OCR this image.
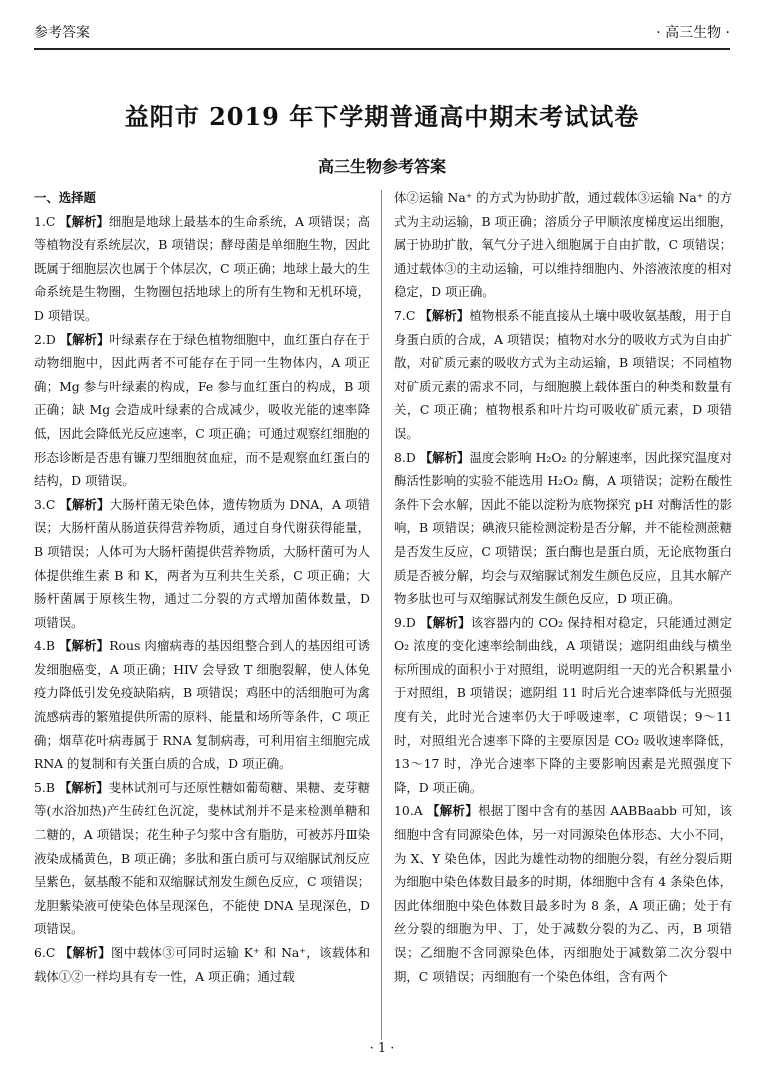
参考答案	· 高三生物 ·
益阳市 2019 年下学期普通高中期末考试试卷
高三生物参考答案
一、选择题

1.C 【解析】细胞是地球上最基本的生命系统，A 项错误；高等植物没有系统层次，B 项错误；酵母菌是单细胞生物，因此既属于细胞层次也属于个体层次，C 项正确；地球上最大的生命系统是生物圈，生物圈包括地球上的所有生物和无机环境，D 项错误。

2.D 【解析】叶绿素存在于绿色植物细胞中，血红蛋白存在于动物细胞中，因此两者不可能存在于同一生物体内，A 项正确；Mg 参与叶绿素的构成，Fe 参与血红蛋白的构成，B 项正确；缺 Mg 会造成叶绿素的合成减少，吸收光能的速率降低，因此会降低光反应速率，C 项正确；可通过观察红细胞的形态诊断是否患有镰刀型细胞贫血症，而不是观察血红蛋白的结构，D 项错误。

3.C 【解析】大肠杆菌无染色体，遗传物质为 DNA，A 项错误；大肠杆菌从肠道获得营养物质，通过自身代谢获得能量，B 项错误；人体可为大肠杆菌提供营养物质，大肠杆菌可为人体提供维生素 B 和 K，两者为互利共生关系，C 项正确；大肠杆菌属于原核生物，通过二分裂的方式增加菌体数量，D 项错误。

4.B 【解析】Rous 肉瘤病毒的基因组整合到人的基因组可诱发细胞癌变，A 项正确；HIV 会导致 T 细胞裂解，使人体免疫力降低引发免疫缺陷病，B 项错误；鸡胚中的活细胞可为禽流感病毒的繁殖提供所需的原料、能量和场所等条件，C 项正确；烟草花叶病毒属于 RNA 复制病毒，可利用宿主细胞完成 RNA 的复制和有关蛋白质的合成，D 项正确。

5.B 【解析】斐林试剂可与还原性糖如葡萄糖、果糖、麦芽糖等(水浴加热)产生砖红色沉淀，斐林试剂并不是来检测单糖和二糖的，A 项错误；花生种子匀浆中含有脂肪，可被苏丹Ⅲ染液染成橘黄色，B 项正确；多肽和蛋白质可与双缩脲试剂反应呈紫色，氨基酸不能和双缩脲试剂发生颜色反应，C 项错误；龙胆紫染液可使染色体呈现深色，不能使 DNA 呈现深色，D 项错误。

6.C 【解析】图中载体③可同时运输 K⁺ 和 Na⁺，该载体和载体①②一样均具有专一性，A 项正确；通过载

体②运输 Na⁺ 的方式为协助扩散，通过载体③运输 Na⁺ 的方式为主动运输，B 项正确；溶质分子甲顺浓度梯度运出细胞，属于协助扩散，氧气分子进入细胞属于自由扩散，C 项错误；通过载体③的主动运输，可以维持细胞内、外溶液浓度的相对稳定，D 项正确。

7.C 【解析】植物根系不能直接从土壤中吸收氨基酸，用于自身蛋白质的合成，A 项错误；植物对水分的吸收方式为自由扩散，对矿质元素的吸收方式为主动运输，B 项错误；不同植物对矿质元素的需求不同，与细胞膜上载体蛋白的种类和数量有关，C 项正确；植物根系和叶片均可吸收矿质元素，D 项错误。

8.D 【解析】温度会影响 H₂O₂ 的分解速率，因此探究温度对酶活性影响的实验不能选用 H₂O₂ 酶，A 项错误；淀粉在酸性条件下会水解，因此不能以淀粉为底物探究 pH 对酶活性的影响，B 项错误；碘液只能检测淀粉是否分解，并不能检测蔗糖是否发生反应，C 项错误；蛋白酶也是蛋白质，无论底物蛋白质是否被分解，均会与双缩脲试剂发生颜色反应，且其水解产物多肽也可与双缩脲试剂发生颜色反应，D 项正确。

9.D 【解析】该容器内的 CO₂ 保持相对稳定，只能通过测定 O₂ 浓度的变化速率绘制曲线，A 项错误；遮阴组曲线与横坐标所围成的面积小于对照组，说明遮阴组一天的光合积累量小于对照组，B 项错误；遮阴组 11 时后光合速率降低与光照强度有关，此时光合速率仍大于呼吸速率，C 项错误；9～11 时，对照组光合速率下降的主要原因是 CO₂ 吸收速率降低，13～17 时，净光合速率下降的主要影响因素是光照强度下降，D 项正确。

10.A 【解析】根据丁图中含有的基因 AABBaabb 可知，该细胞中含有同源染色体，另一对同源染色体形态、大小不同，为 X、Y 染色体，因此为雄性动物的细胞分裂，有丝分裂后期为细胞中染色体数目最多的时期，体细胞中含有 4 条染色体，因此体细胞中染色体数目最多时为 8 条，A 项正确；处于有丝分裂的细胞为甲、丁，处于减数分裂的为乙、丙，B 项错误；乙细胞不含同源染色体，丙细胞处于减数第二次分裂中期，C 项错误；丙细胞有一个染色体组，含有两个

· 1 ·
